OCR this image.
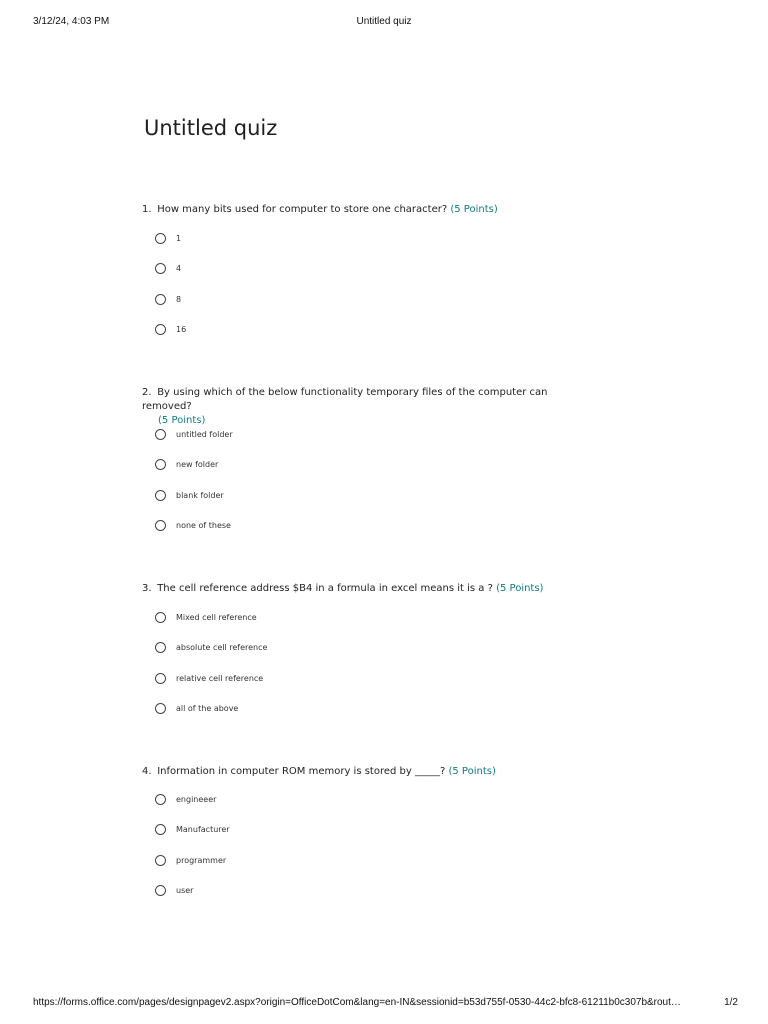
3/12/24, 4:03 PM	Untitled quiz
Untitled quiz
1. How many bits used for computer to store one character? (5 Points)
1
4
8
16
2. By using which of the below functionality temporary files of the computer can removed?
(5 Points)
untitled folder
new folder
blank folder
none of these
3. The cell reference address $B4 in a formula in excel means it is a ? (5 Points)
Mixed cell reference
absolute cell reference
relative cell reference
all of the above
4. Information in computer ROM memory is stored by _____? (5 Points)
engineeer
Manufacturer
programmer
user
https://forms.office.com/pages/designpagev2.aspx?origin=OfficeDotCom&lang=en-IN&sessionid=b53d755f-0530-44c2-bfc8-61211b0c307b&rout…	1/2
